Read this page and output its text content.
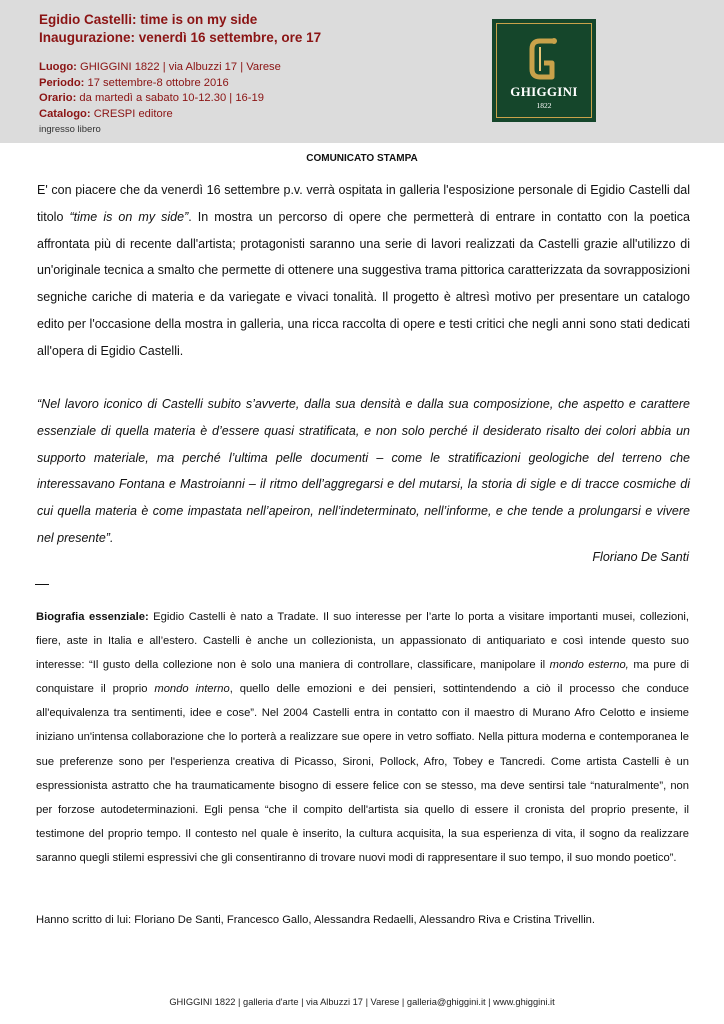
Egidio Castelli: time is on my side
Inaugurazione: venerdì 16 settembre, ore 17
Luogo: GHIGGINI 1822 | via Albuzzi 17 | Varese
Periodo: 17 settembre-8 ottobre 2016
Orario: da martedì a sabato 10-12.30 | 16-19
Catalogo: CRESPI editore
ingresso libero
GHIGGINI
1822
COMUNICATO STAMPA
E' con piacere che da venerdì 16 settembre p.v. verrà ospitata in galleria l'esposizione personale di Egidio Castelli dal titolo “time is on my side”. In mostra un percorso di opere che permetterà di entrare in contatto con la poetica affrontata più di recente dall'artista; protagonisti saranno una serie di lavori realizzati da Castelli grazie all'utilizzo di un'originale tecnica a smalto che permette di ottenere una suggestiva trama pittorica caratterizzata da sovrapposizioni segniche cariche di materia e da variegate e vivaci tonalità. Il progetto è altresì motivo per presentare un catalogo edito per l'occasione della mostra in galleria, una ricca raccolta di opere e testi critici che negli anni sono stati dedicati all'opera di Egidio Castelli.
“Nel lavoro iconico di Castelli subito s’avverte, dalla sua densità e dalla sua composizione, che aspetto e carattere essenziale di quella materia è d’essere quasi stratificata, e non solo perché il desiderato risalto dei colori abbia un supporto materiale, ma perché l’ultima pelle documenti – come le stratificazioni geologiche del terreno che interessavano Fontana e Mastroianni – il ritmo dell’aggregarsi e del mutarsi, la storia di sigle e di tracce cosmiche di cui quella materia è come impastata nell’apeiron, nell’indeterminato, nell’informe, e che tende a prolungarsi e vivere nel presente”.
Floriano De Santi
Biografia essenziale: Egidio Castelli è nato a Tradate. Il suo interesse per l’arte lo porta a visitare importanti musei, collezioni, fiere, aste in Italia e all’estero. Castelli è anche un collezionista, un appassionato di antiquariato e così intende questo suo interesse: “Il gusto della collezione non è solo una maniera di controllare, classificare, manipolare il mondo esterno, ma pure di conquistare il proprio mondo interno, quello delle emozioni e dei pensieri, sottintendendo a ciò il processo che conduce all'equivalenza tra sentimenti, idee e cose”. Nel 2004 Castelli entra in contatto con il maestro di Murano Afro Celotto e insieme iniziano un'intensa collaborazione che lo porterà a realizzare sue opere in vetro soffiato. Nella pittura moderna e contemporanea le sue preferenze sono per l'esperienza creativa di Picasso, Sironi, Pollock, Afro, Tobey e Tancredi. Come artista Castelli è un espressionista astratto che ha traumaticamente bisogno di essere felice con se stesso, ma deve sentirsi tale “naturalmente”, non per forzose autodeterminazioni. Egli pensa “che il compito dell'artista sia quello di essere il cronista del proprio presente, il testimone del proprio tempo. Il contesto nel quale è inserito, la cultura acquisita, la sua esperienza di vita, il sogno da realizzare saranno quegli stilemi espressivi che gli consentiranno di trovare nuovi modi di rappresentare il suo tempo, il suo mondo poetico”.
Hanno scritto di lui: Floriano De Santi, Francesco Gallo, Alessandra Redaelli, Alessandro Riva e Cristina Trivellin.
GHIGGINI 1822 | galleria d'arte | via Albuzzi 17 | Varese | galleria@ghiggini.it | www.ghiggini.it
